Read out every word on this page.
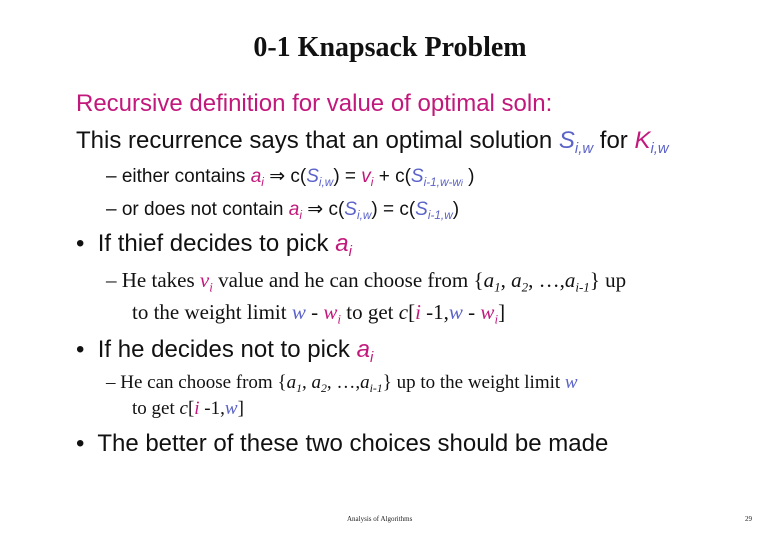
0-1 Knapsack Problem
Recursive definition for value of optimal soln:
This recurrence says that an optimal solution $S_{i,w}$ for $K_{i,w}$
– either contains $a_i$ ⇒ $c(S_{i,w}) = v_i + c(S_{i-1,w-wi}$ )
– or does not contain $a_i$ ⇒ $c(S_{i,w}) = c(S_{i-1,w})$
• If thief decides to pick $a_i$
– He takes $v_i$ value and he can choose from {$a_1$, $a_2$, $\dots,a_{i-1}$} up
to the weight limit w - $w_i$ to get c[i $-1,w - w_i$]
• If he decides not to pick $a_i$
– He can choose from {$a_1$, $a_2$, $\dots,a_{i-1}$} up to the weight limit w
to get c[i -1,w]
• The better of these two choices should be made
Analysis of Algorithms	29
